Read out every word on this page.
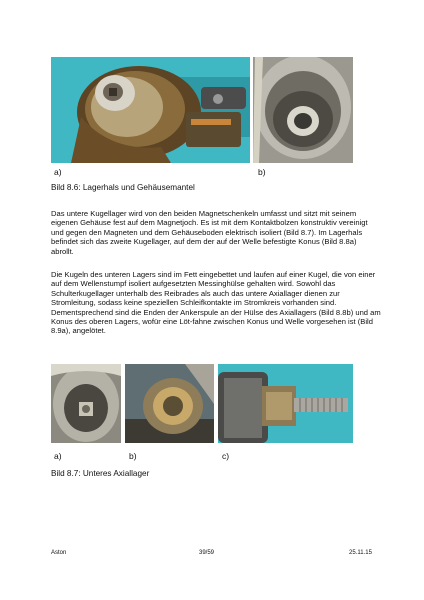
a)	b)
Bild 8.6: Lagerhals und Gehäusemantel

Das untere Kugellager wird von den beiden Magnetschenkeln umfasst und sitzt mit seinem eigenen Gehäuse fest auf dem Magnetjoch. Es ist mit dem Kontaktbolzen konstruktiv vereinigt und gegen den Magneten und dem Gehäuseboden elektrisch isoliert (Bild 8.7). Im Lagerhals befindet sich das zweite Kugellager, auf dem der auf der Welle befestigte Konus (Bild 8.8a) abrollt.

Die Kugeln des unteren Lagers sind im Fett eingebettet und laufen auf einer Kugel, die von einer auf dem Wellenstumpf isoliert aufgesetzten Messinghülse gehalten wird. Sowohl das Schulterkugellager unterhalb des Reibrades als auch das untere Axiallager dienen zur Stromleitung, sodass keine speziellen Schleifkontakte im Stromkreis vorhanden sind. Dementsprechend sind die Enden der Ankerspule an der Hülse des Axiallagers (Bild 8.8b) und am Konus des oberen Lagers, wofür eine Löt-fahne zwischen Konus und Welle vorgesehen ist (Bild 8.9a), angelötet.

a)	b)	c)
Bild 8.7: Unteres Axiallager
Aston	39/59	25.11.15
